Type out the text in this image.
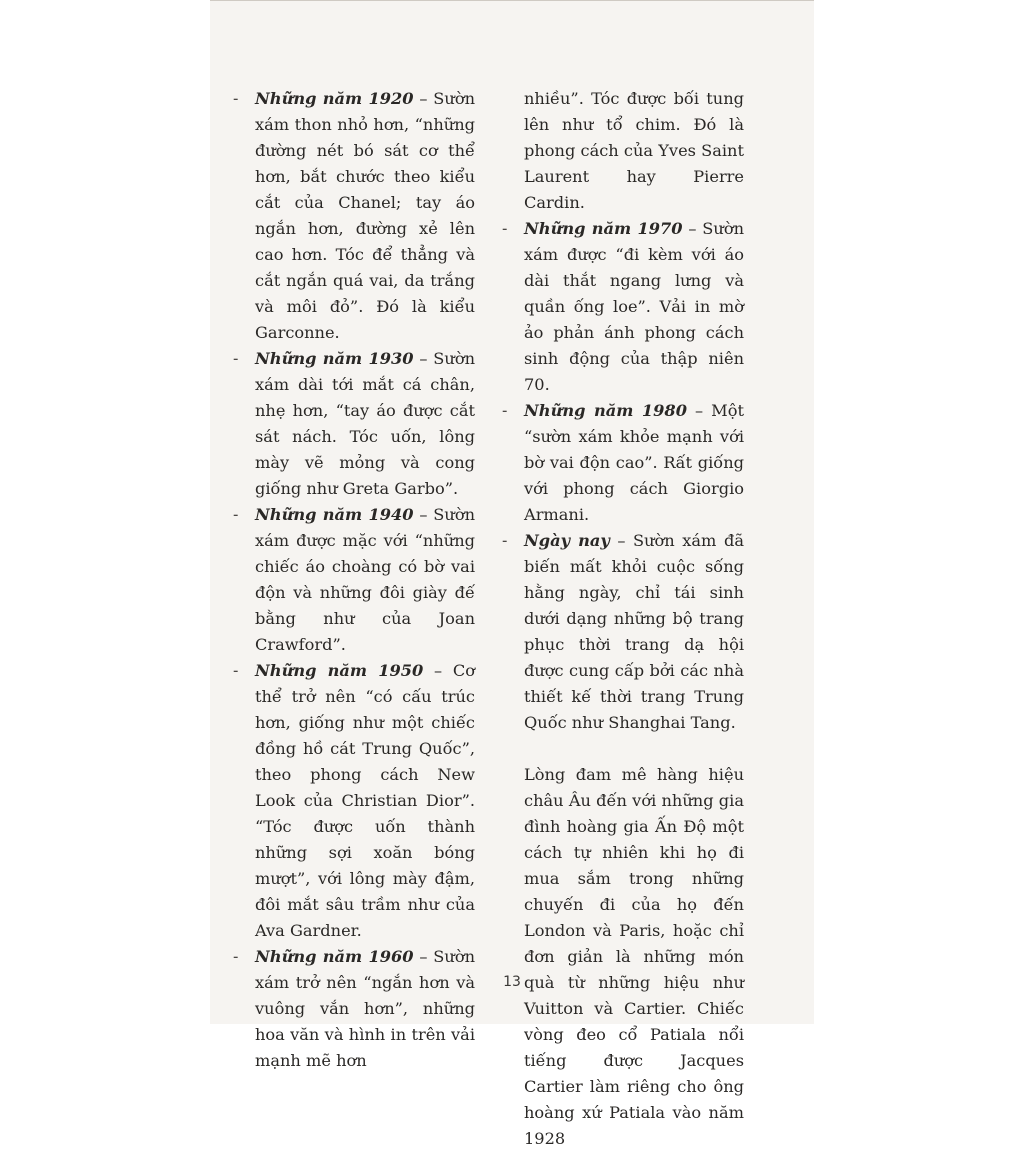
- Những năm 1920 – Sườn xám thon nhỏ hơn, “những đường nét bó sát cơ thể hơn, bắt chước theo kiểu cắt của Chanel; tay áo ngắn hơn, đường xẻ lên cao hơn. Tóc để thẳng và cắt ngắn quá vai, da trắng và môi đỏ”. Đó là kiểu Garconne.

- Những năm 1930 – Sườn xám dài tới mắt cá chân, nhẹ hơn, “tay áo được cắt sát nách. Tóc uốn, lông mày vẽ mỏng và cong giống như Greta Garbo”.

- Những năm 1940 – Sườn xám được mặc với “những chiếc áo choàng có bờ vai độn và những đôi giày đế bằng như của Joan Crawford”.

- Những năm 1950 – Cơ thể trở nên “có cấu trúc hơn, giống như một chiếc đồng hồ cát Trung Quốc”, theo phong cách New Look của Christian Dior”. “Tóc được uốn thành những sợi xoăn bóng mượt”, với lông mày đậm, đôi mắt sâu trầm như của Ava Gardner.

- Những năm 1960 – Sườn xám trở nên “ngắn hơn và vuông vắn hơn”, những hoa văn và hình in trên vải mạnh mẽ hơn

nhiều”. Tóc được bối tung lên như tổ chim. Đó là phong cách của Yves Saint Laurent hay Pierre Cardin.

- Những năm 1970 – Sườn xám được “đi kèm với áo dài thắt ngang lưng và quần ống loe”. Vải in mờ ảo phản ánh phong cách sinh động của thập niên 70.

- Những năm 1980 – Một “sườn xám khỏe mạnh với bờ vai độn cao”. Rất giống với phong cách Giorgio Armani.

- Ngày nay – Sườn xám đã biến mất khỏi cuộc sống hằng ngày, chỉ tái sinh dưới dạng những bộ trang phục thời trang dạ hội được cung cấp bởi các nhà thiết kế thời trang Trung Quốc như Shanghai Tang.

Lòng đam mê hàng hiệu châu Âu đến với những gia đình hoàng gia Ấn Độ một cách tự nhiên khi họ đi mua sắm trong những chuyến đi của họ đến London và Paris, hoặc chỉ đơn giản là những món quà từ những hiệu như Vuitton và Cartier. Chiếc vòng đeo cổ Patiala nổi tiếng được Jacques Cartier làm riêng cho ông hoàng xứ Patiala vào năm 1928

13
